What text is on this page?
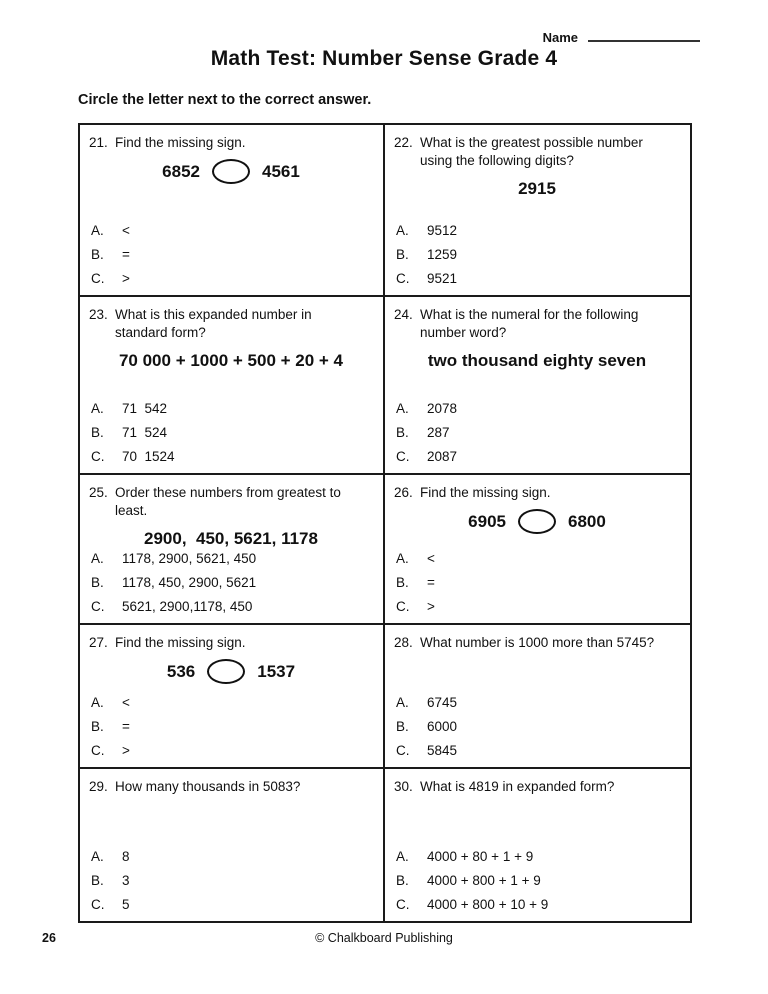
Name
Math Test: Number Sense Grade 4
Circle the letter next to the correct answer.
21. Find the missing sign.
6852	4561
A.	<
B.	=
C.	>
22. What is the greatest possible number using the following digits?
2915
A.	9512
B.	1259
C.	9521
23. What is this expanded number in standard form?
70 000 + 1000 + 500 + 20 + 4
A.	71  542
B.	71  524
C.	70  1524
24. What is the numeral for the following number word?
two thousand eighty seven
A.	2078
B.	287
C.	2087
25. Order these numbers from greatest to least.
2900,  450, 5621, 1178
A.	1178, 2900, 5621, 450
B.	1178, 450, 2900, 5621
C.	5621, 2900,1178, 450
26. Find the missing sign.
6905	6800
A.	<
B.	=
C.	>
27. Find the missing sign.
536	1537
A.	<
B.	=
C.	>
28. What number is 1000 more than 5745?
A.	6745
B.	6000
C.	5845
29. How many thousands in 5083?
A.	8
B.	3
C.	5
30. What is 4819 in expanded form?
A.	4000 + 80 + 1 + 9
B.	4000 + 800 + 1 + 9
C.	4000 + 800 + 10 + 9
26	© Chalkboard Publishing
